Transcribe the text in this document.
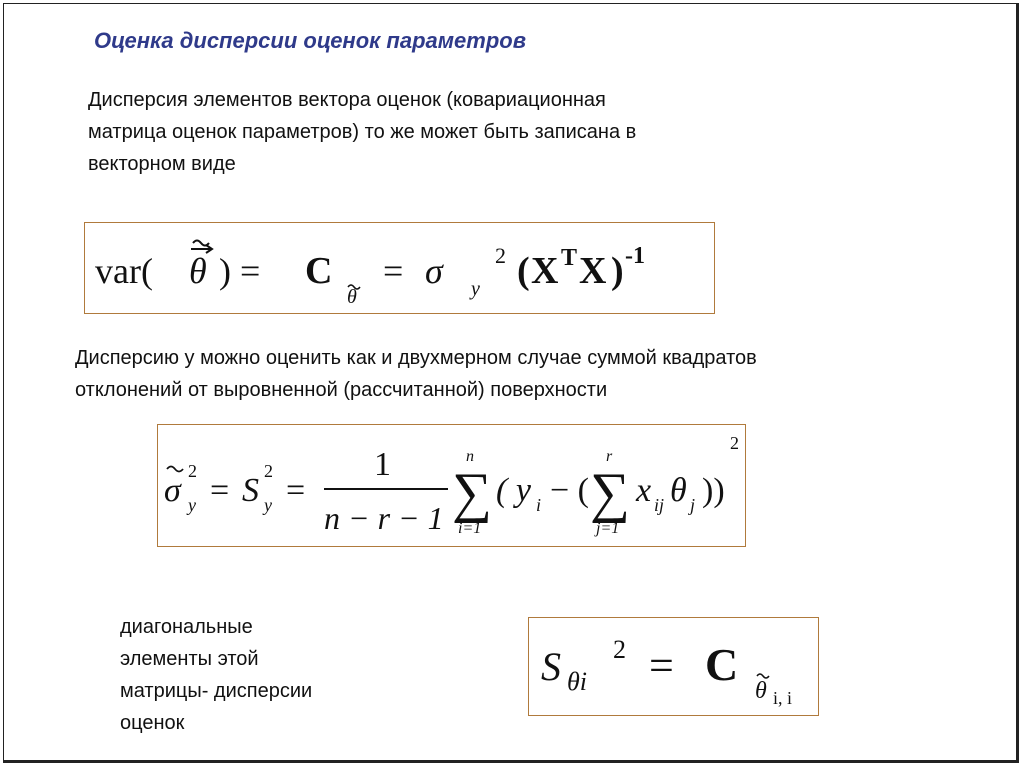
Оценка дисперсии оценок параметров
Дисперсия элементов вектора оценок (ковариационная
матрица оценок параметров) то же может быть записана в
векторном виде
var( θ ) = C
θ
= σ y
2 ( X T X ) -1
Дисперсию y можно оценить как и двухмерном случае суммой квадратов
отклонений от выровненной (рассчитанной) поверхности
σ y
2
= S y
2
=
1
n − r − 1
n
∑
i=1
( y i − (
r
∑
j=1
x ij θ j ))
2
диагональные
элементы этой
матрицы- дисперсии
оценок
S θi
2 = C
θ i, i
